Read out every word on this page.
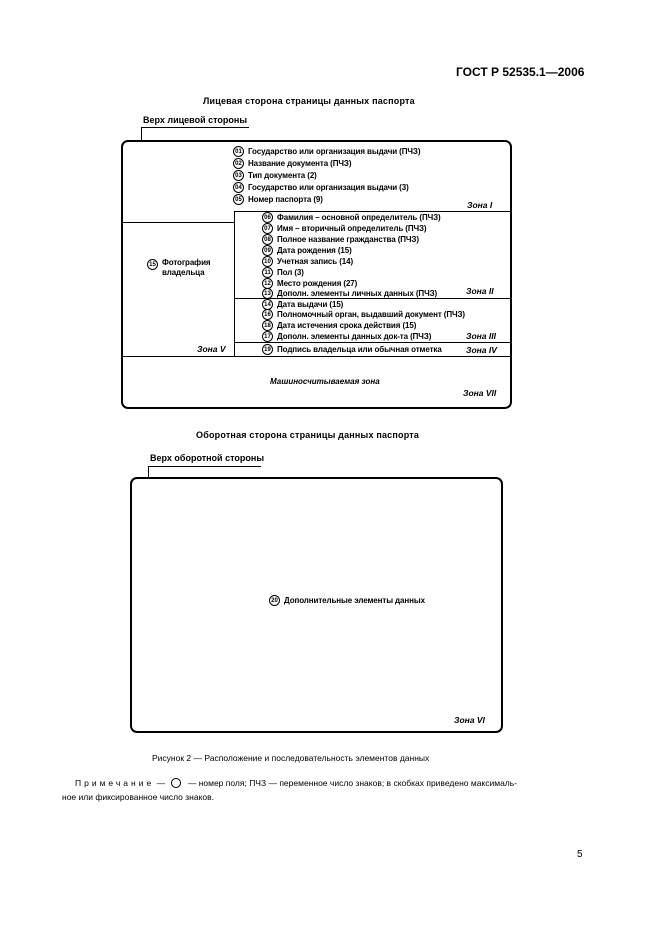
ГОСТ Р 52535.1—2006
Лицевая сторона страницы данных паспорта
Верх лицевой стороны
01 Государство или организация выдачи (ПЧЗ)
02 Название документа (ПЧЗ)
03 Тип документа (2)
04 Государство или организация выдачи (3)
05 Номер паспорта (9)
Зона I
15 Фотография
владельца
06 Фамилия – основной определитель (ПЧЗ)
07 Имя – вторичный определитель (ПЧЗ)
08 Полное название гражданства (ПЧЗ)
09 Дата рождения (15)
10 Учетная запись (14)
11 Пол (3)
12 Место рождения (27)
13 Дополн. элементы личных данных (ПЧЗ)	Зона II
14 Дата выдачи (15)
16 Полномочный орган, выдавший документ (ПЧЗ)
18 Дата истечения срока действия (15)
17 Дополн. элементы данных док-та (ПЧЗ)	Зона III
19 Подпись владельца или обычная отметка	Зона IV
Зона V
Машиносчитываемая зона
Зона VII
Оборотная сторона страницы данных паспорта
Верх оборотной стороны
20 Дополнительные элементы данных
Зона VI
Рисунок 2 — Расположение и последовательность элементов данных
Примечание —	— номер поля; ПЧЗ — переменное число знаков; в скобках приведено максималь-
ное или фиксированное число знаков.
5
